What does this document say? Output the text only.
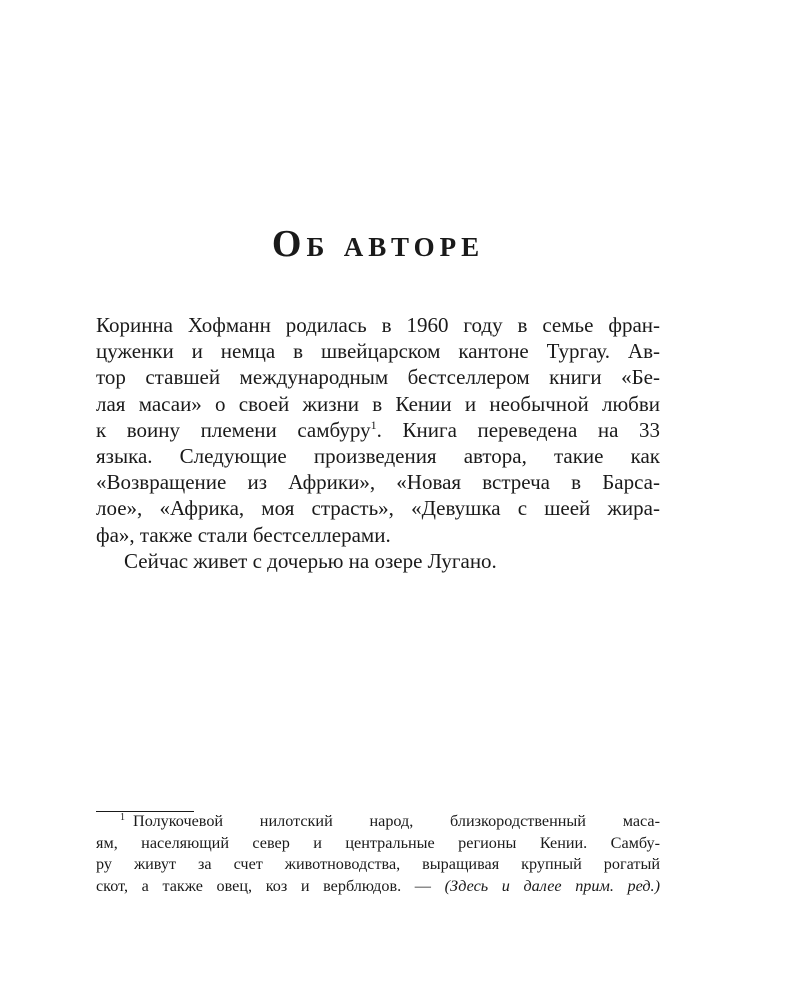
Об авторе
Коринна Хофманн родилась в 1960 году в семье фран-
цуженки и немца в швейцарском кантоне Тургау. Ав-
тор ставшей международным бестселлером книги «Бе-
лая масаи» о своей жизни в Кении и необычной любви
к воину племени самбуру$^1$. Книга переведена на 33
языка. Следующие произведения автора, такие как
«Возвращение из Африки», «Новая встреча в Барса-
лое», «Африка, моя страсть», «Девушка с шеей жира-
фа», также стали бестселлерами.
Сейчас живет с дочерью на озере Лугано.
$^1$ Полукочевой нилотский народ, близкородственный маса-
ям, населяющий север и центральные регионы Кении. Самбу-
ру живут за счет животноводства, выращивая крупный рогатый
скот, а также овец, коз и верблюдов. — (Здесь и далее прим. ред.)
